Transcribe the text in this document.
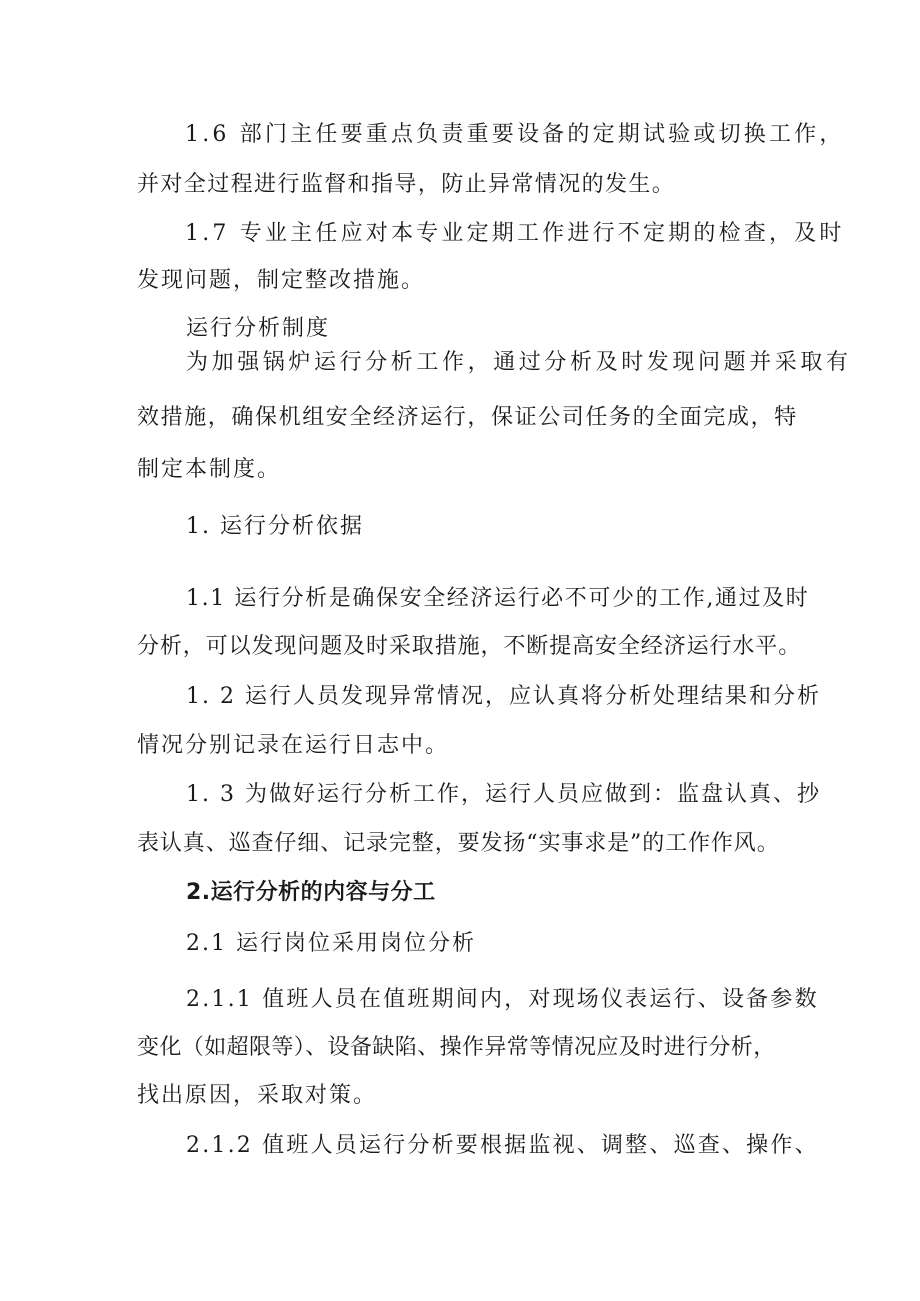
1.6 部门主任要重点负责重要设备的定期试验或切换工作，
并对全过程进行监督和指导，防止异常情况的发生。
1.7 专业主任应对本专业定期工作进行不定期的检查，及时
发现问题，制定整改措施。
运行分析制度
为加强锅炉运行分析工作，通过分析及时发现问题并采取有
效措施，确保机组安全经济运行，保证公司任务的全面完成，特
制定本制度。
1. 运行分析依据
1.1 运行分析是确保安全经济运行必不可少的工作,通过及时
分析，可以发现问题及时采取措施，不断提高安全经济运行水平。
1. 2 运行人员发现异常情况，应认真将分析处理结果和分析
情况分别记录在运行日志中。
1. 3 为做好运行分析工作，运行人员应做到：监盘认真、抄
表认真、巡查仔细、记录完整，要发扬“实事求是”的工作作风。
2.运行分析的内容与分工
2.1 运行岗位采用岗位分析
2.1.1 值班人员在值班期间内，对现场仪表运行、设备参数
变化（如超限等）、设备缺陷、操作异常等情况应及时进行分析，
找出原因，采取对策。
2.1.2 值班人员运行分析要根据监视、调整、巡查、操作、
